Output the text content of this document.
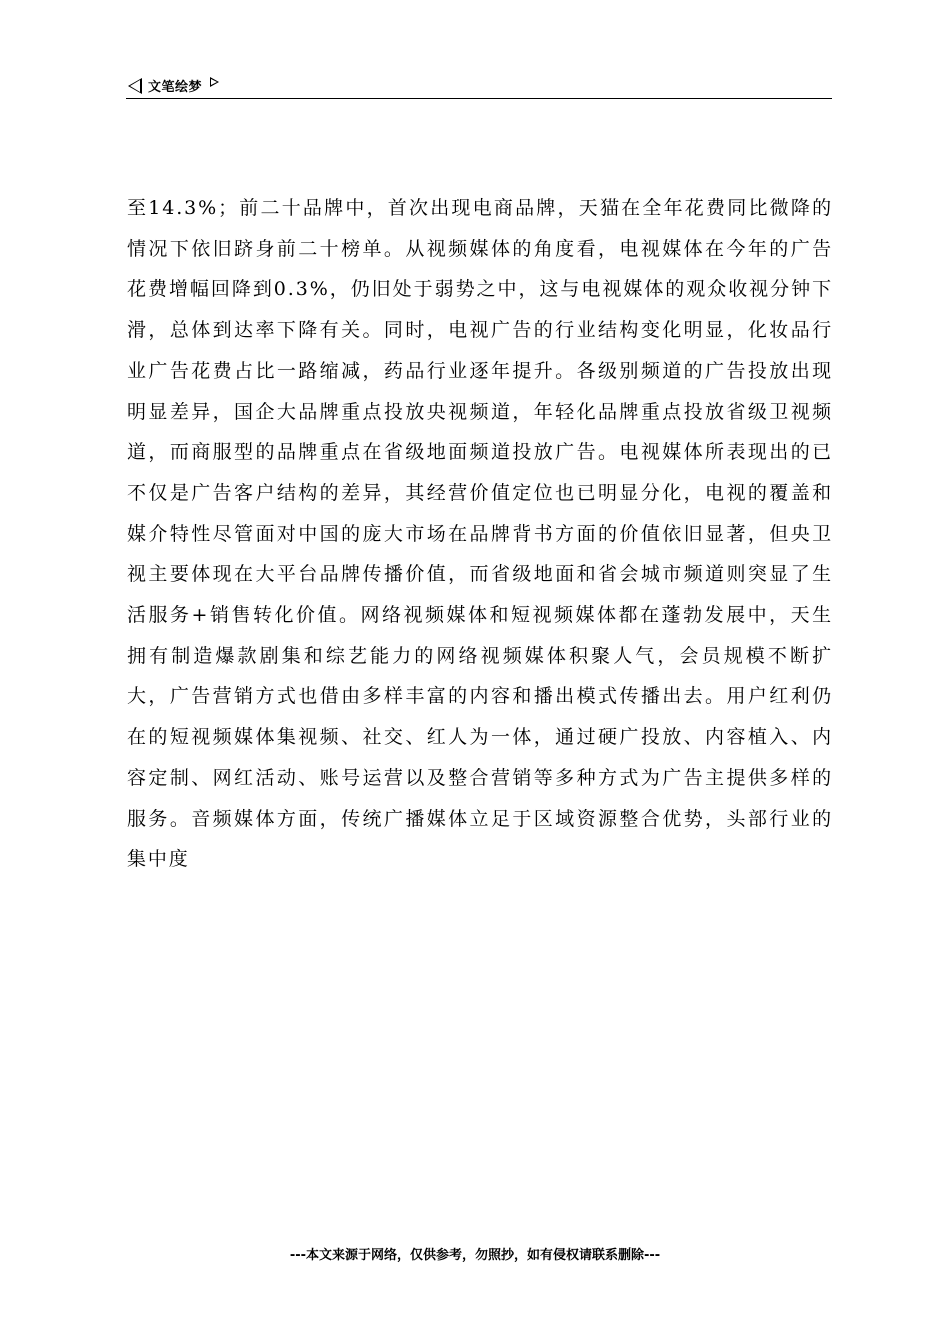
文笔绘梦

至14.3%；前二十品牌中，首次出现电商品牌，天猫在全年花费同比微降的情况下依旧跻身前二十榜单。从视频媒体的角度看，电视媒体在今年的广告花费增幅回降到0.3%，仍旧处于弱势之中，这与电视媒体的观众收视分钟下滑，总体到达率下降有关。同时，电视广告的行业结构变化明显，化妆品行业广告花费占比一路缩减，药品行业逐年提升。各级别频道的广告投放出现明显差异，国企大品牌重点投放央视频道，年轻化品牌重点投放省级卫视频道，而商服型的品牌重点在省级地面频道投放广告。电视媒体所表现出的已不仅是广告客户结构的差异，其经营价值定位也已明显分化，电视的覆盖和媒介特性尽管面对中国的庞大市场在品牌背书方面的价值依旧显著，但央卫视主要体现在大平台品牌传播价值，而省级地面和省会城市频道则突显了生活服务+销售转化价值。网络视频媒体和短视频媒体都在蓬勃发展中，天生拥有制造爆款剧集和综艺能力的网络视频媒体积聚人气，会员规模不断扩大，广告营销方式也借由多样丰富的内容和播出模式传播出去。用户红利仍在的短视频媒体集视频、社交、红人为一体，通过硬广投放、内容植入、内容定制、网红活动、账号运营以及整合营销等多种方式为广告主提供多样的服务。音频媒体方面，传统广播媒体立足于区域资源整合优势，头部行业的集中度

---本文来源于网络，仅供参考，勿照抄，如有侵权请联系删除---
